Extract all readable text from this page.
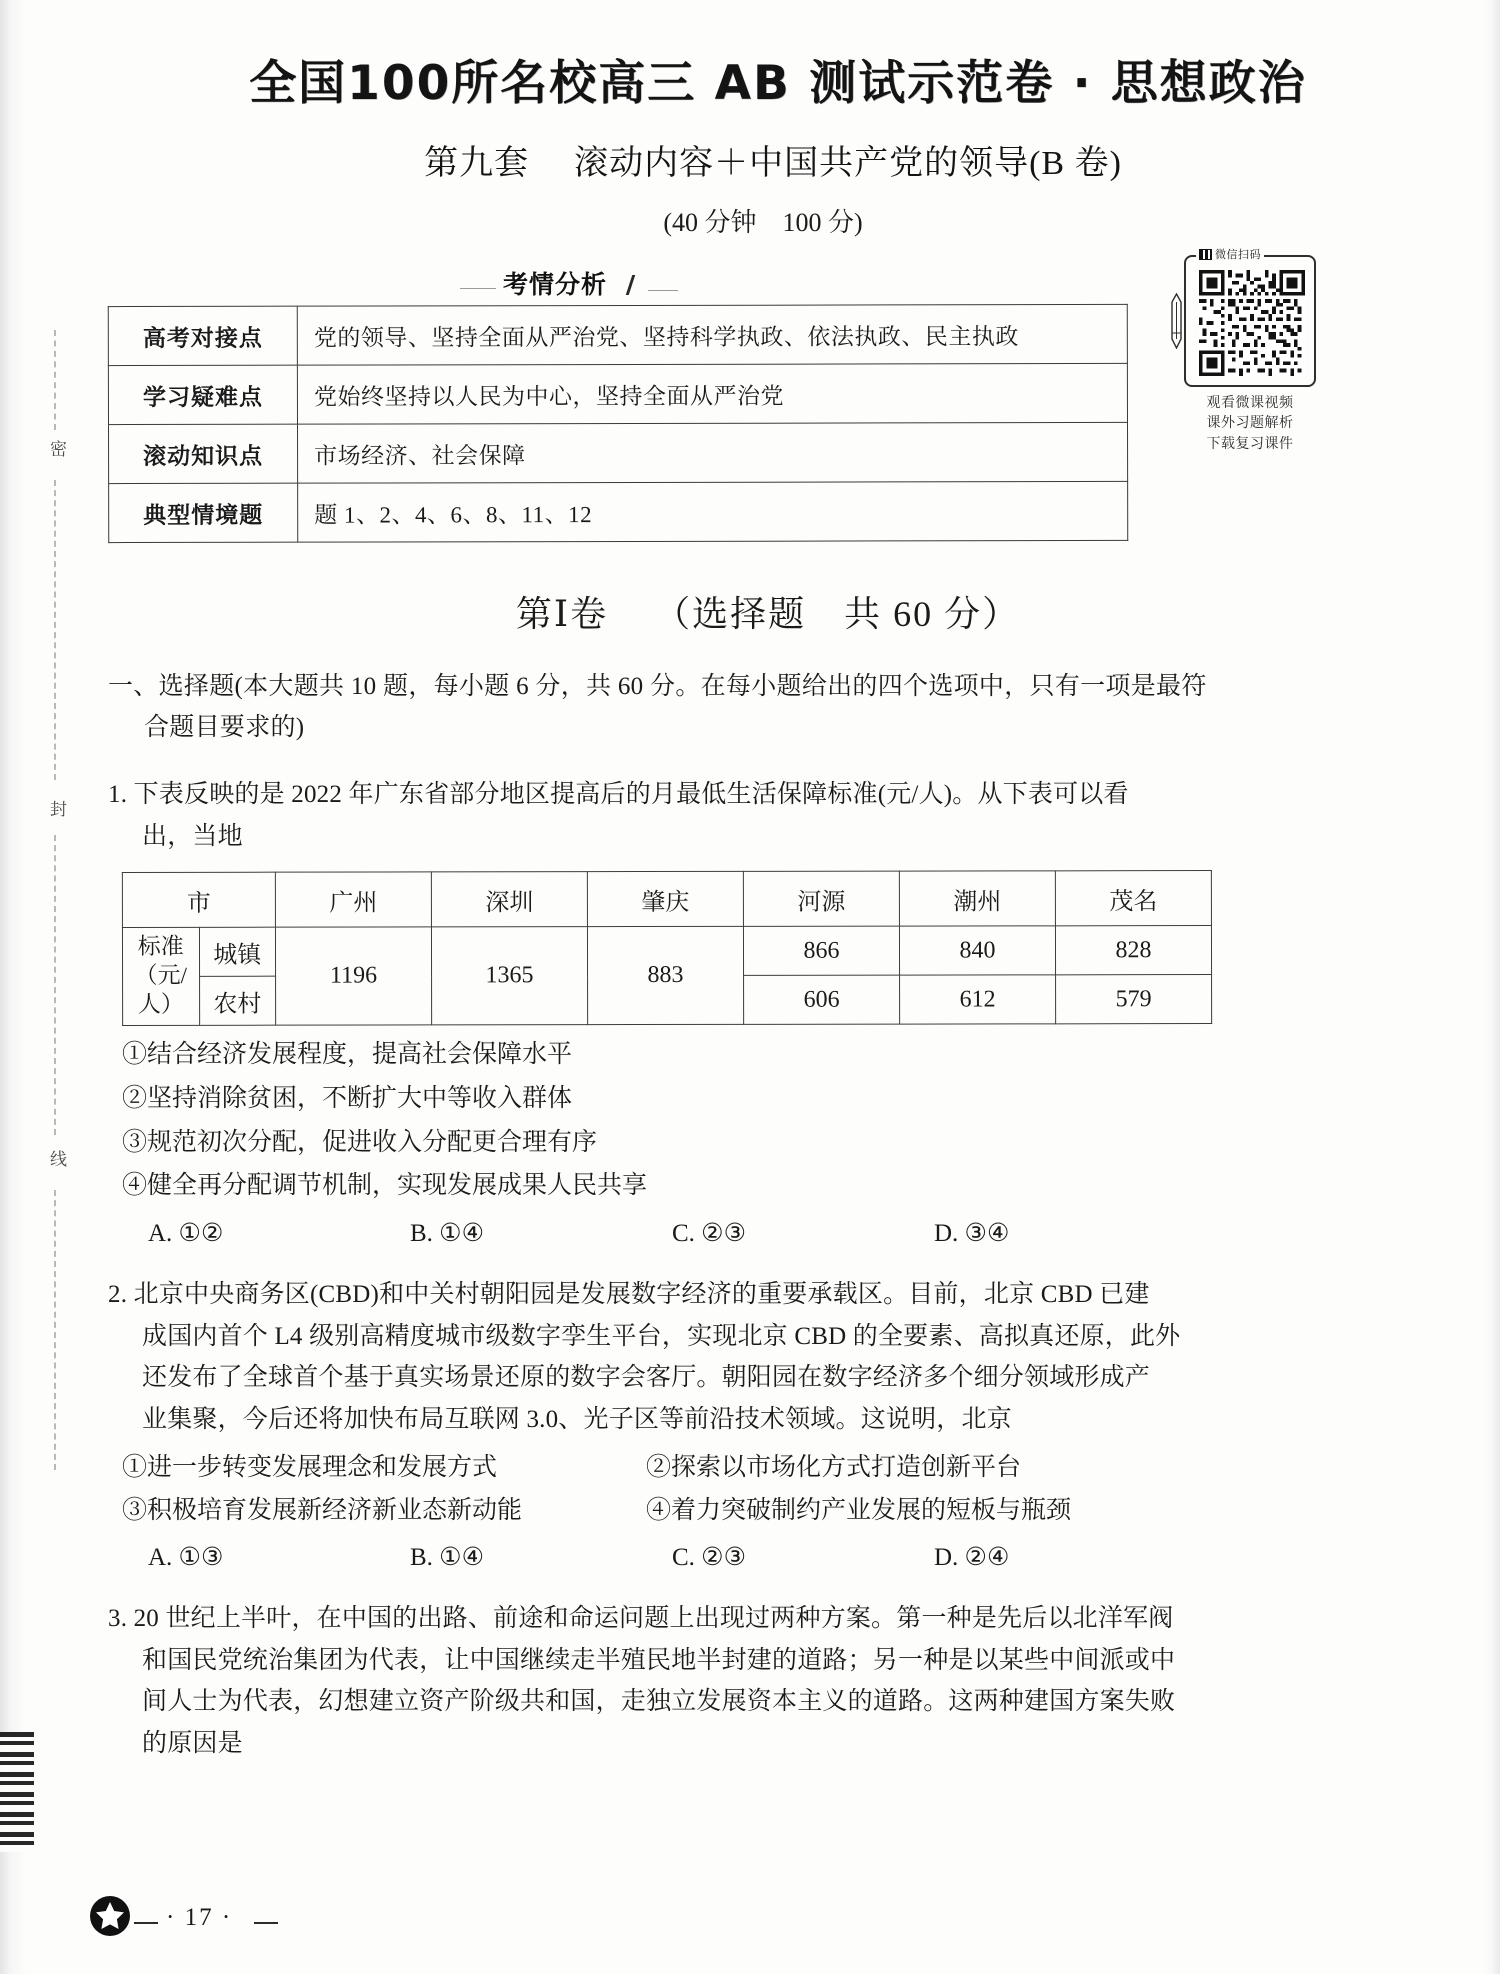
密
封
线
全国100所名校高三 AB 测试示范卷 · 思想政治
第九套 滚动内容＋中国共产党的领导(B 卷)
(40 分钟　100 分)
考情分析
高考对接点	党的领导、坚持全面从严治党、坚持科学执政、依法执政、民主执政
学习疑难点	党始终坚持以人民为中心，坚持全面从严治党
滚动知识点	市场经济、社会保障
典型情境题	题 1、2、4、6、8、11、12
第Ⅰ卷 （选择题　共 60 分）
一、选择题(本大题共 10 题，每小题 6 分，共 60 分。在每小题给出的四个选项中，只有一项是最符
合题目要求的)
1. 下表反映的是 2022 年广东省部分地区提高后的月最低生活保障标准(元/人)。从下表可以看
出，当地
市		广州	深圳	肇庆	河源	潮州	茂名
标准
（元/人）	城镇	1196	1365	883	866	840	828
	农村				606	612	579
①结合经济发展程度，提高社会保障水平
②坚持消除贫困，不断扩大中等收入群体
③规范初次分配，促进收入分配更合理有序
④健全再分配调节机制，实现发展成果人民共享
A. ①②	B. ①④	C. ②③	D. ③④
2. 北京中央商务区(CBD)和中关村朝阳园是发展数字经济的重要承载区。目前，北京 CBD 已建
成国内首个 L4 级别高精度城市级数字孪生平台，实现北京 CBD 的全要素、高拟真还原，此外
还发布了全球首个基于真实场景还原的数字会客厅。朝阳园在数字经济多个细分领域形成产
业集聚，今后还将加快布局互联网 3.0、光子区等前沿技术领域。这说明，北京
①进一步转变发展理念和发展方式	②探索以市场化方式打造创新平台
③积极培育发展新经济新业态新动能	④着力突破制约产业发展的短板与瓶颈
A. ①③	B. ①④	C. ②③	D. ②④
3. 20 世纪上半叶，在中国的出路、前途和命运问题上出现过两种方案。第一种是先后以北洋军阀
和国民党统治集团为代表，让中国继续走半殖民地半封建的道路；另一种是以某些中间派或中
间人士为代表，幻想建立资产阶级共和国，走独立发展资本主义的道路。这两种建国方案失败
的原因是
微信扫码
观看微课视频
课外习题解析
下载复习课件
· 17 ·
